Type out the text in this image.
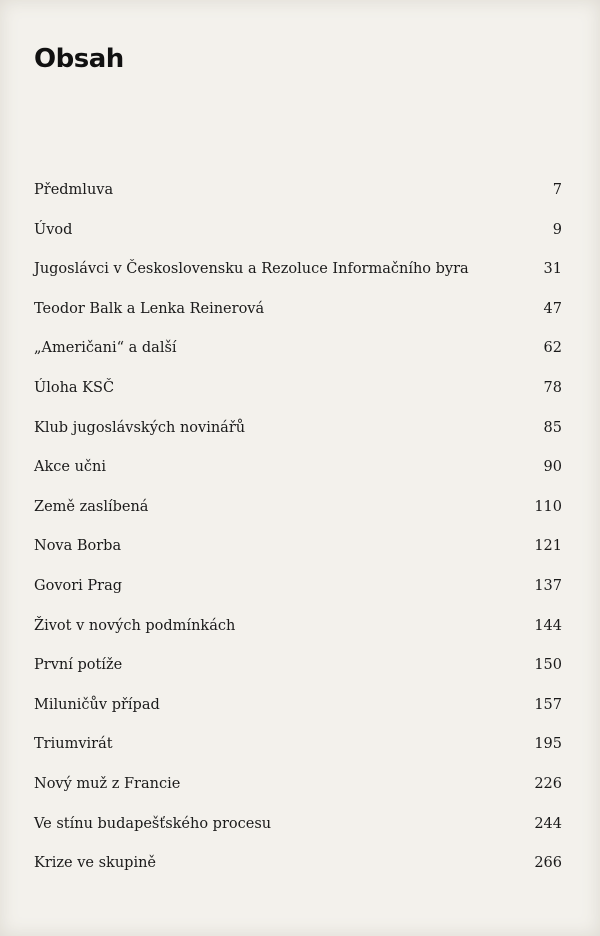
Obsah
Předmluva	7
Úvod	9
Jugoslávci v Československu a Rezoluce Informačního byra	31
Teodor Balk a Lenka Reinerová	47
„Američani“ a další	62
Úloha KSČ	78
Klub jugoslávských novinářů	85
Akce učni	90
Země zaslíbená	110
Nova Borba	121
Govori Prag	137
Život v nových podmínkách	144
První potíže	150
Miluničův případ	157
Triumvirát	195
Nový muž z Francie	226
Ve stínu budapešťského procesu	244
Krize ve skupině	266
